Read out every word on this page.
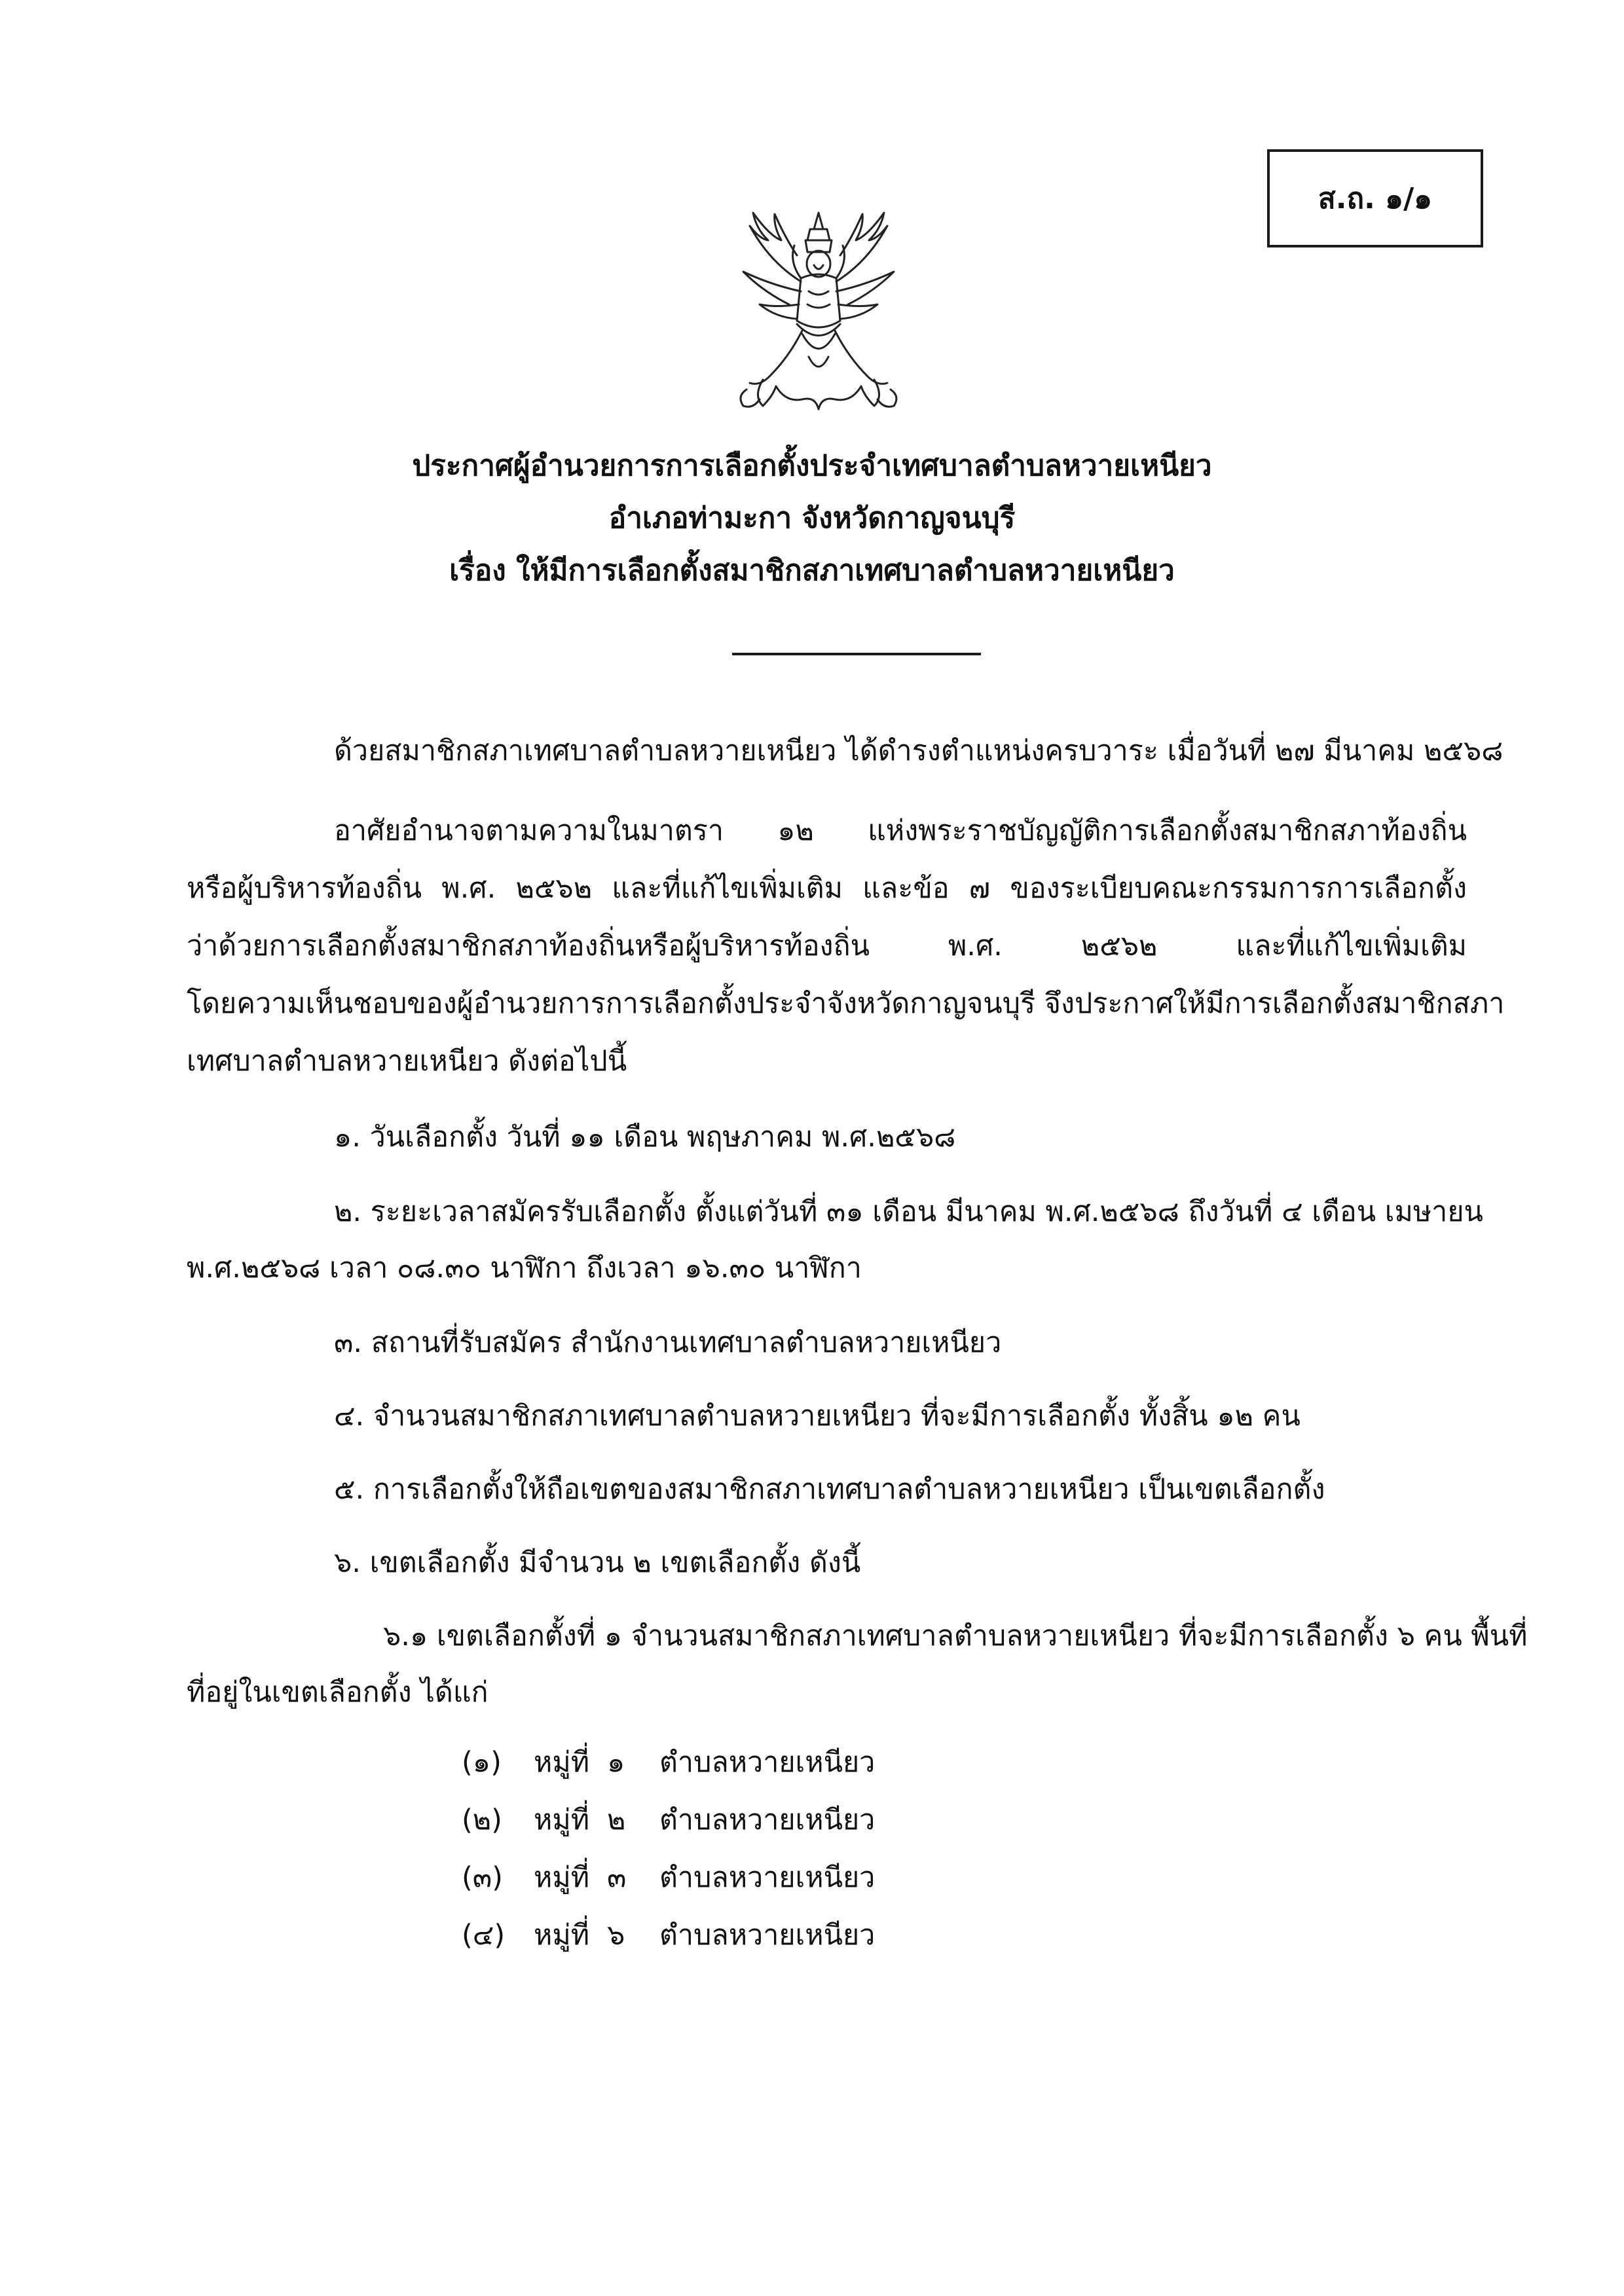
ส.ถ. ๑/๑
ประกาศผู้อำนวยการการเลือกตั้งประจำเทศบาลตำบลหวายเหนียว
อำเภอท่ามะกา จังหวัดกาญจนบุรี
เรื่อง ให้มีการเลือกตั้งสมาชิกสภาเทศบาลตำบลหวายเหนียว
ด้วยสมาชิกสภาเทศบาลตำบลหวายเหนียว ได้ดำรงตำแหน่งครบวาระ เมื่อวันที่ ๒๗ มีนาคม ๒๕๖๘
อาศัยอำนาจตามความในมาตรา ๑๒ แห่งพระราชบัญญัติการเลือกตั้งสมาชิกสภาท้องถิ่น
หรือผู้บริหารท้องถิ่น พ.ศ. ๒๕๖๒ และที่แก้ไขเพิ่มเติม และข้อ ๗ ของระเบียบคณะกรรมการการเลือกตั้ง
ว่าด้วยการเลือกตั้งสมาชิกสภาท้องถิ่นหรือผู้บริหารท้องถิ่น พ.ศ. ๒๕๖๒ และที่แก้ไขเพิ่มเติม
โดยความเห็นชอบของผู้อำนวยการการเลือกตั้งประจำจังหวัดกาญจนบุรี จึงประกาศให้มีการเลือกตั้งสมาชิกสภา
เทศบาลตำบลหวายเหนียว ดังต่อไปนี้
๑. วันเลือกตั้ง วันที่ ๑๑ เดือน พฤษภาคม พ.ศ.๒๕๖๘
๒. ระยะเวลาสมัครรับเลือกตั้ง ตั้งแต่วันที่ ๓๑ เดือน มีนาคม พ.ศ.๒๕๖๘ ถึงวันที่ ๔ เดือน เมษายน
พ.ศ.๒๕๖๘ เวลา ๐๘.๓๐ นาฬิกา ถึงเวลา ๑๖.๓๐ นาฬิกา
๓. สถานที่รับสมัคร สำนักงานเทศบาลตำบลหวายเหนียว
๔. จำนวนสมาชิกสภาเทศบาลตำบลหวายเหนียว ที่จะมีการเลือกตั้ง ทั้งสิ้น ๑๒ คน
๕. การเลือกตั้งให้ถือเขตของสมาชิกสภาเทศบาลตำบลหวายเหนียว เป็นเขตเลือกตั้ง
๖. เขตเลือกตั้ง มีจำนวน ๒ เขตเลือกตั้ง ดังนี้
๖.๑ เขตเลือกตั้งที่ ๑ จำนวนสมาชิกสภาเทศบาลตำบลหวายเหนียว ที่จะมีการเลือกตั้ง ๖ คน พื้นที่
ที่อยู่ในเขตเลือกตั้ง ได้แก่
(๑) หมู่ที่ ๑ ตำบลหวายเหนียว
(๒) หมู่ที่ ๒ ตำบลหวายเหนียว
(๓) หมู่ที่ ๓ ตำบลหวายเหนียว
(๔) หมู่ที่ ๖ ตำบลหวายเหนียว
